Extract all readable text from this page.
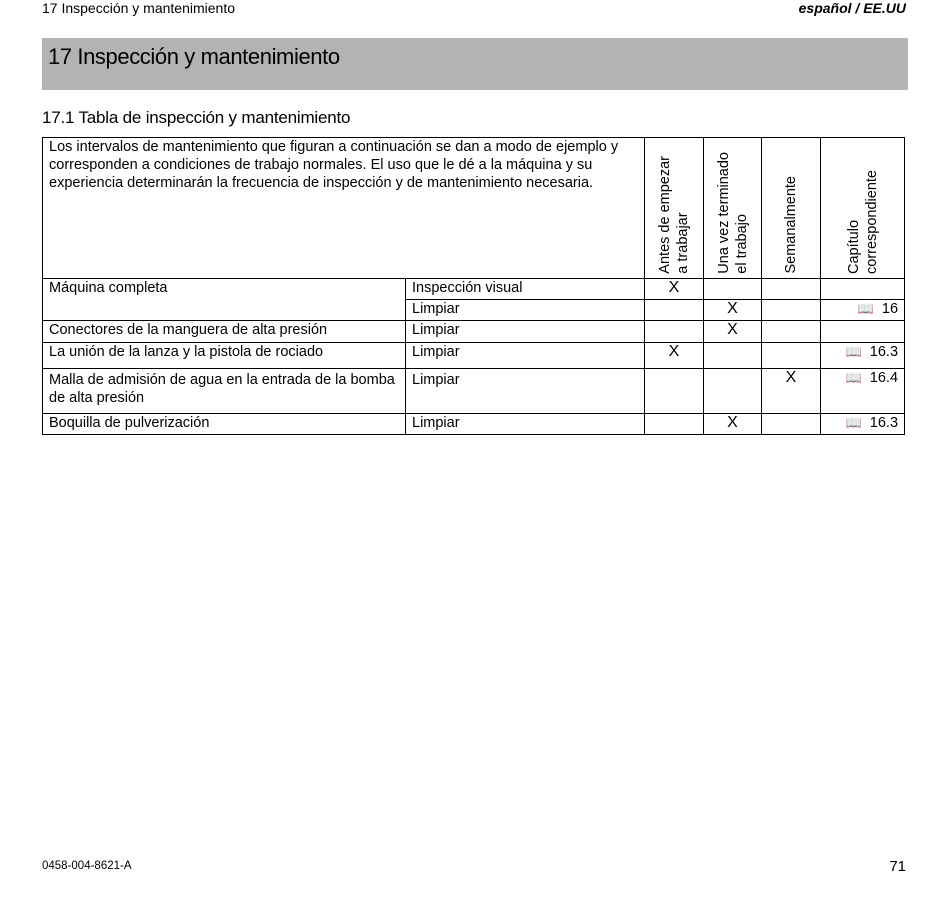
17 Inspección y mantenimiento	español / EE.UU
17 Inspección y mantenimiento
17.1 Tabla de inspección y mantenimiento
Los intervalos de mantenimiento que figuran a continuación se dan a modo de ejemplo y corresponden a condiciones de trabajo normales. El uso que le dé a la máquina y su experiencia determinarán la frecuencia de inspección y de mantenimiento necesaria.		Antes de empezar
a trabajar	Una vez terminado
el trabajo	Semanalmente	Capítulo
correspondiente

Máquina completa	Inspección visual	X			
	Limpiar		X		📖 16
Conectores de la manguera de alta presión	Limpiar		X		
La unión de la lanza y la pistola de rociado	Limpiar	X			📖 16.3
Malla de admisión de agua en la entrada de la bomba de alta presión	Limpiar			X	📖 16.4
Boquilla de pulverización	Limpiar		X		📖 16.3
0458-004-8621-A	71
